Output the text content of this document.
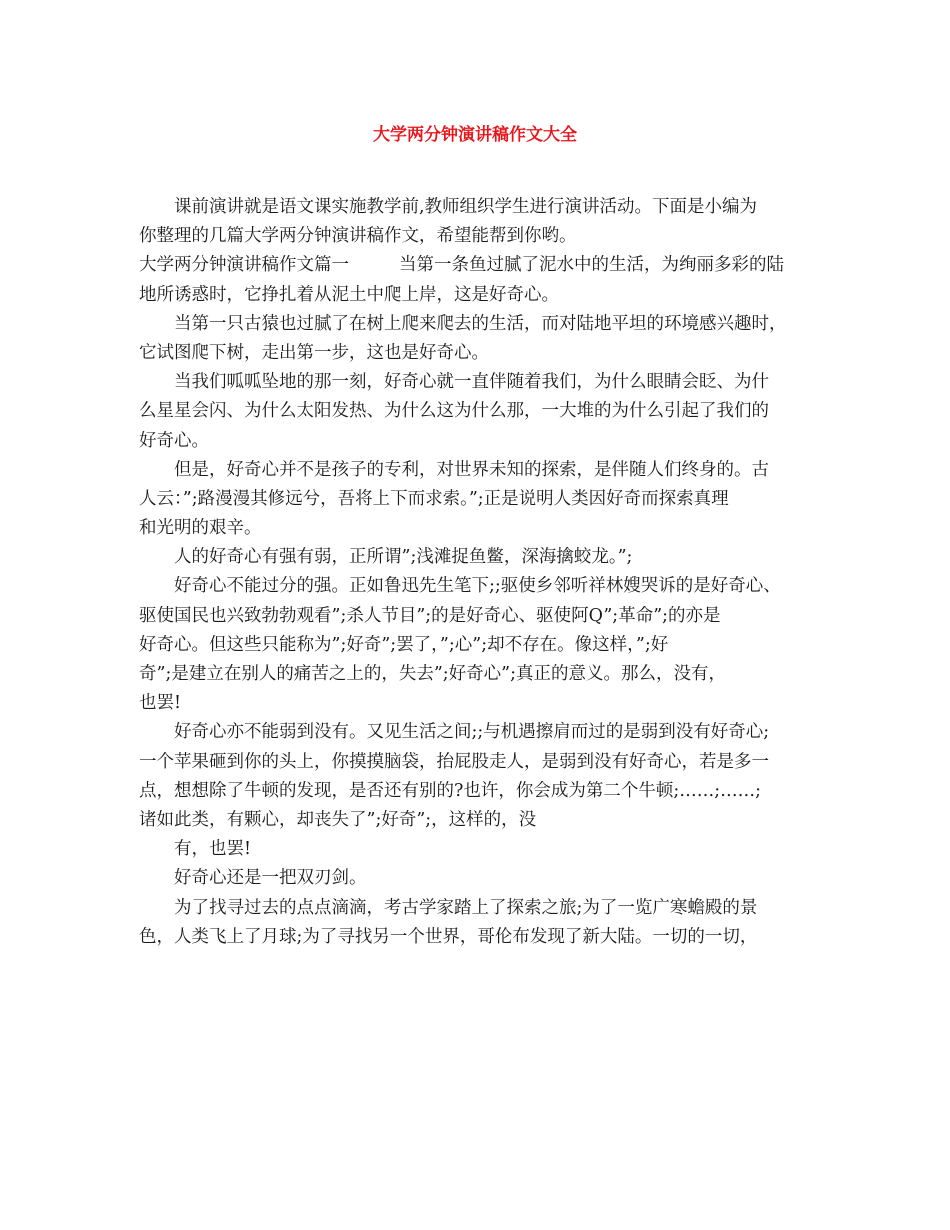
大学两分钟演讲稿作文大全
课前演讲就是语文课实施教学前,教师组织学生进行演讲活动。下面是小编为
你整理的几篇大学两分钟演讲稿作文，希望能帮到你哟。
大学两分钟演讲稿作文篇一	当第一条鱼过腻了泥水中的生活，为绚丽多彩的陆
地所诱惑时，它挣扎着从泥土中爬上岸，这是好奇心。
当第一只古猿也过腻了在树上爬来爬去的生活，而对陆地平坦的环境感兴趣时，
它试图爬下树，走出第一步，这也是好奇心。
当我们呱呱坠地的那一刻，好奇心就一直伴随着我们，为什么眼睛会眨、为什
么星星会闪、为什么太阳发热、为什么这为什么那，一大堆的为什么引起了我们的
好奇心。
但是，好奇心并不是孩子的专利，对世界未知的探索，是伴随人们终身的。古
人云：”;路漫漫其修远兮，吾将上下而求索。”;正是说明人类因好奇而探索真理
和光明的艰辛。
人的好奇心有强有弱，正所谓”;浅滩捉鱼鳖，深海擒蛟龙。”;
好奇心不能过分的强。正如鲁迅先生笔下;;驱使乡邻听祥林嫂哭诉的是好奇心、
驱使国民也兴致勃勃观看”;杀人节目”;的是好奇心、驱使阿Q”;革命”;的亦是
好奇心。但这些只能称为”;好奇”;罢了，”;心”;却不存在。像这样，”;好
奇”;是建立在别人的痛苦之上的，失去”;好奇心”;真正的意义。那么，没有，
也罢!
好奇心亦不能弱到没有。又见生活之间;;与机遇擦肩而过的是弱到没有好奇心;
一个苹果砸到你的头上，你摸摸脑袋，抬屁股走人，是弱到没有好奇心，若是多一
点，想想除了牛顿的发现，是否还有别的?也许，你会成为第二个牛顿;……;……;
诸如此类，有颗心，却丧失了”;好奇”;，这样的，没
有，也罢!
好奇心还是一把双刃剑。
为了找寻过去的点点滴滴，考古学家踏上了探索之旅;为了一览广寒蟾殿的景
色，人类飞上了月球;为了寻找另一个世界，哥伦布发现了新大陆。一切的一切，
